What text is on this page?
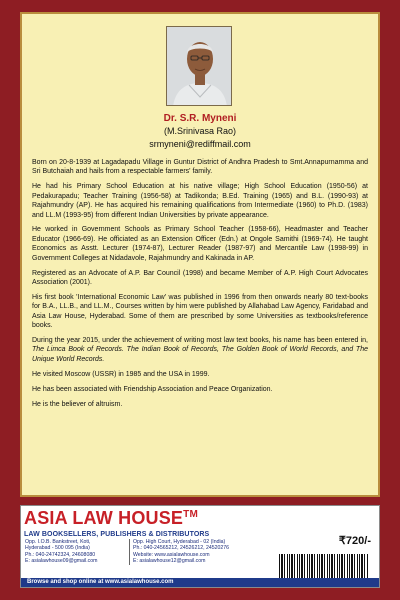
Dr. S.R. Myneni
(M.Srinivasa Rao)
srmyneni@rediffmail.com

Born on 20-8-1939 at Lagadapadu Village in Guntur District of Andhra Pradesh to Smt.Annapurnamma and Sri Butchaiah and hails from a respectable farmers' family.

He had his Primary School Education at his native village; High School Education (1950-56) at Pedakurapadu; Teacher Training (1956-58) at Tadikonda; B.Ed. Training (1965) and B.L. (1990-93) at Rajahmundry (AP). He has acquired his remaining qualifications from Intermediate (1960) to Ph.D. (1983) and LL.M (1993-95) from different Indian Universities by private appearance.

He worked in Government Schools as Primary School Teacher (1958-66), Headmaster and Teacher Educator (1966-69). He officiated as an Extension Officer (Edn.) at Ongole Samithi (1969-74). He taught Economics as Asstt. Lecturer (1974-87), Lecturer Reader (1987-97) and Mercantile Law (1998-99) in Government Colleges at Nidadavole, Rajahmundry and Kakinada in AP.

Registered as an Advocate of A.P. Bar Council (1998) and became Member of A.P. High Court Advocates Association (2001).

His first book 'International Economic Law' was published in 1996 from then onwards nearly 80 text-books for B.A., LL.B., and LL.M., Courses written by him were published by Allahabad Law Agency, Faridabad and Asia Law House, Hyderabad. Some of them are prescribed by some Universities as textbooks/reference books.

During the year 2015, under the achievement of writing most law text books, his name has been entered in, The Limca Book of Records. The Indian Book of Records, The Golden Book of World Records, and The Unique World Records.

He visited Moscow (USSR) in 1985 and the USA in 1999.

He has been associated with Friendship Association and Peace Organization.

He is the believer of altruism.

ASIA LAW HOUSE™
LAW BOOKSELLERS, PUBLISHERS & DISTRIBUTORS
₹720/-
Opp. I.O.B. Bankstreet, Koti,
Hyderabad - 500 095 (India)
Ph.: 040-24742324, 24608080
E: asialawhouse09@gmail.com
Opp. High Court, Hyderabad - 02 (India)
Ph.: 040-24565212, 24526212, 24520276
Website: www.asialawhouse.com
E: asialawhouse12@gmail.com
Browse and shop online at www.asialawhouse.com
